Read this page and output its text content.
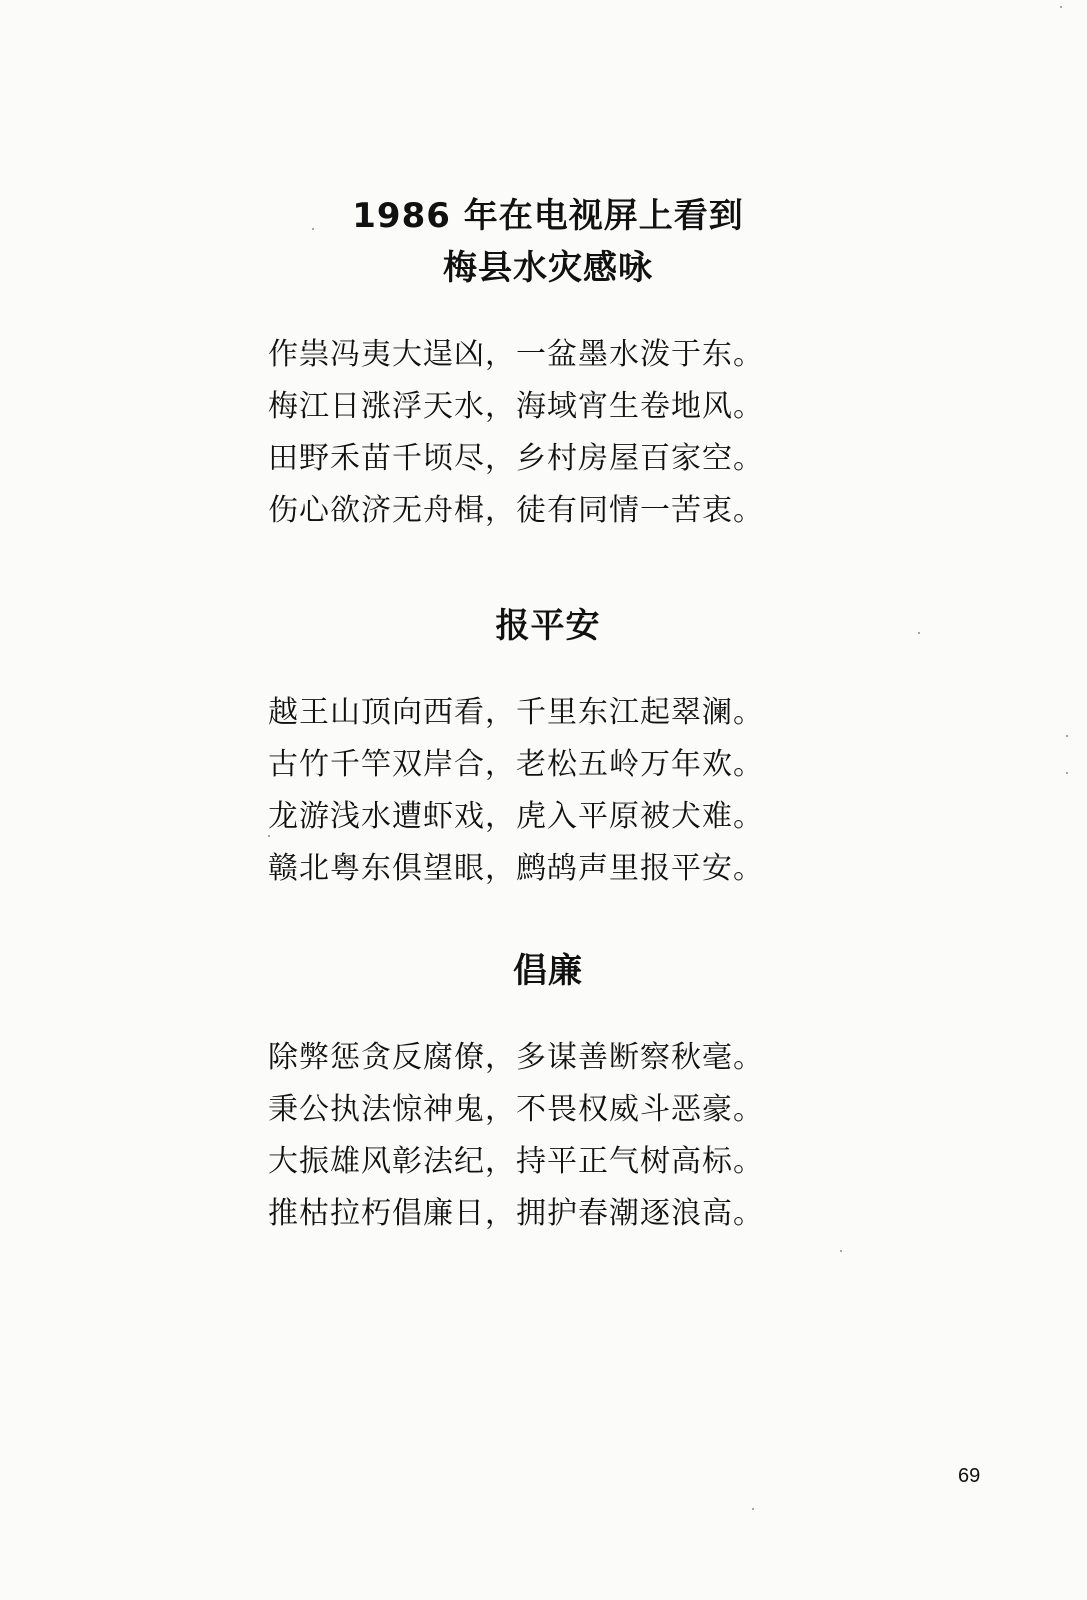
1986 年在电视屏上看到
梅县水灾感咏
作祟冯夷大逞凶，一盆墨水泼于东。
梅江日涨浮天水，海域宵生卷地风。
田野禾苗千顷尽，乡村房屋百家空。
伤心欲济无舟楫，徒有同情一苦衷。
报平安
越王山顶向西看，千里东江起翠澜。
古竹千竿双岸合，老松五岭万年欢。
龙游浅水遭虾戏，虎入平原被犬难。
赣北粤东俱望眼，鹧鸪声里报平安。
倡廉
除弊惩贪反腐僚，多谋善断察秋毫。
秉公执法惊神鬼，不畏权威斗恶豪。
大振雄风彰法纪，持平正气树高标。
推枯拉朽倡廉日，拥护春潮逐浪高。
69
